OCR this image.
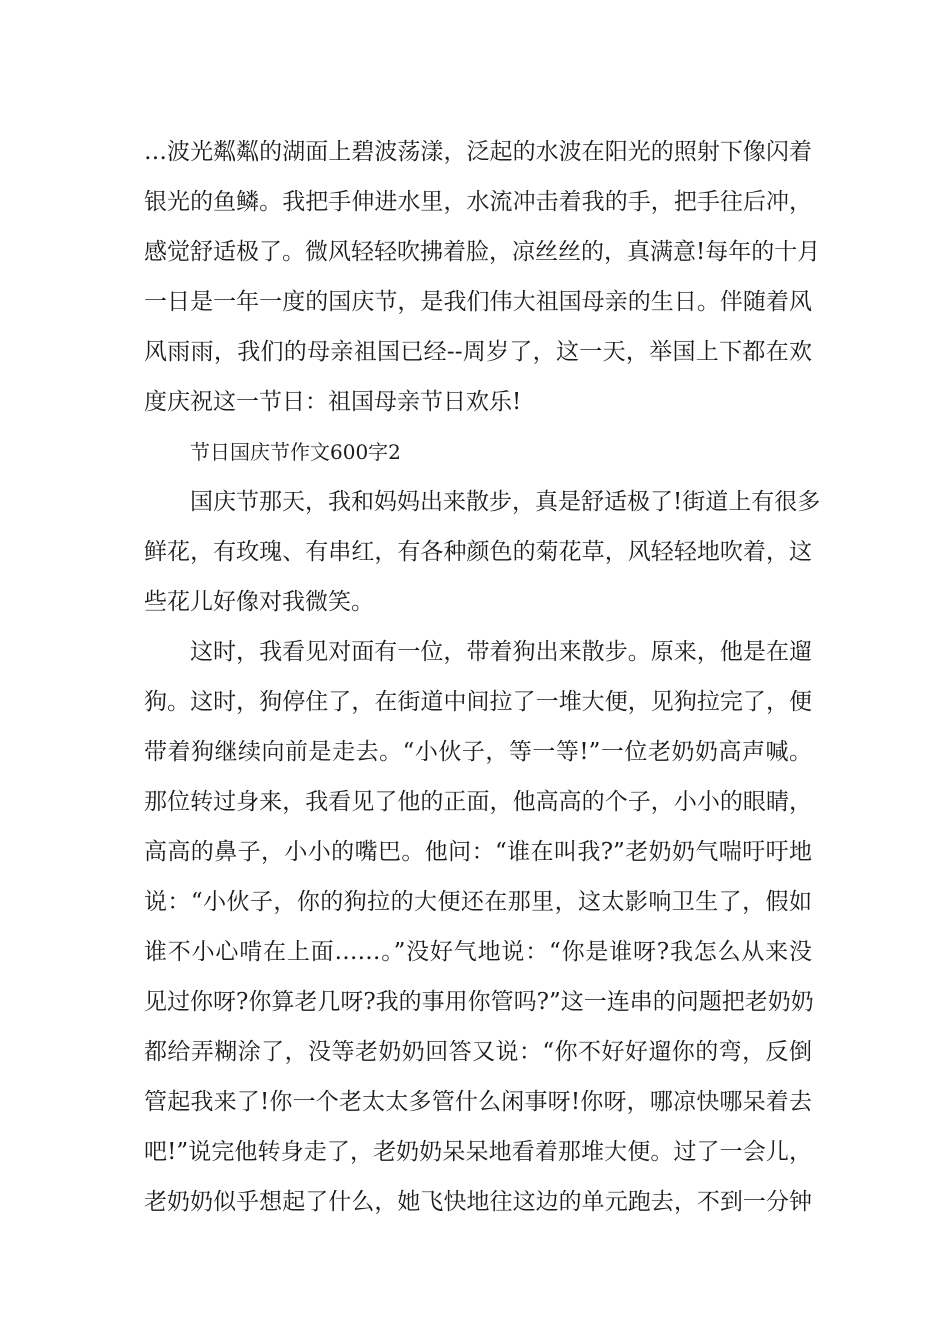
…波光粼粼的湖面上碧波荡漾，泛起的水波在阳光的照射下像闪着

银光的鱼鳞。我把手伸进水里，水流冲击着我的手，把手往后冲，

感觉舒适极了。微风轻轻吹拂着脸，凉丝丝的，真满意!每年的十月

一日是一年一度的国庆节，是我们伟大祖国母亲的生日。伴随着风

风雨雨，我们的母亲祖国已经--周岁了，这一天，举国上下都在欢

度庆祝这一节日：祖国母亲节日欢乐!

节日国庆节作文600字2

国庆节那天，我和妈妈出来散步，真是舒适极了!街道上有很多

鲜花，有玫瑰、有串红，有各种颜色的菊花草，风轻轻地吹着，这

些花儿好像对我微笑。

这时，我看见对面有一位，带着狗出来散步。原来，他是在遛

狗。这时，狗停住了，在街道中间拉了一堆大便，见狗拉完了，便

带着狗继续向前是走去。“小伙子，等一等!”一位老奶奶高声喊。

那位转过身来，我看见了他的正面，他高高的个子，小小的眼睛，

高高的鼻子，小小的嘴巴。他问：“谁在叫我?”老奶奶气喘吁吁地

说：“小伙子，你的狗拉的大便还在那里，这太影响卫生了，假如

谁不小心啃在上面……。”没好气地说：“你是谁呀?我怎么从来没

见过你呀?你算老几呀?我的事用你管吗?”这一连串的问题把老奶奶

都给弄糊涂了，没等老奶奶回答又说：“你不好好遛你的弯，反倒

管起我来了!你一个老太太多管什么闲事呀!你呀，哪凉快哪呆着去

吧!”说完他转身走了，老奶奶呆呆地看着那堆大便。过了一会儿，

老奶奶似乎想起了什么，她飞快地往这边的单元跑去，不到一分钟
